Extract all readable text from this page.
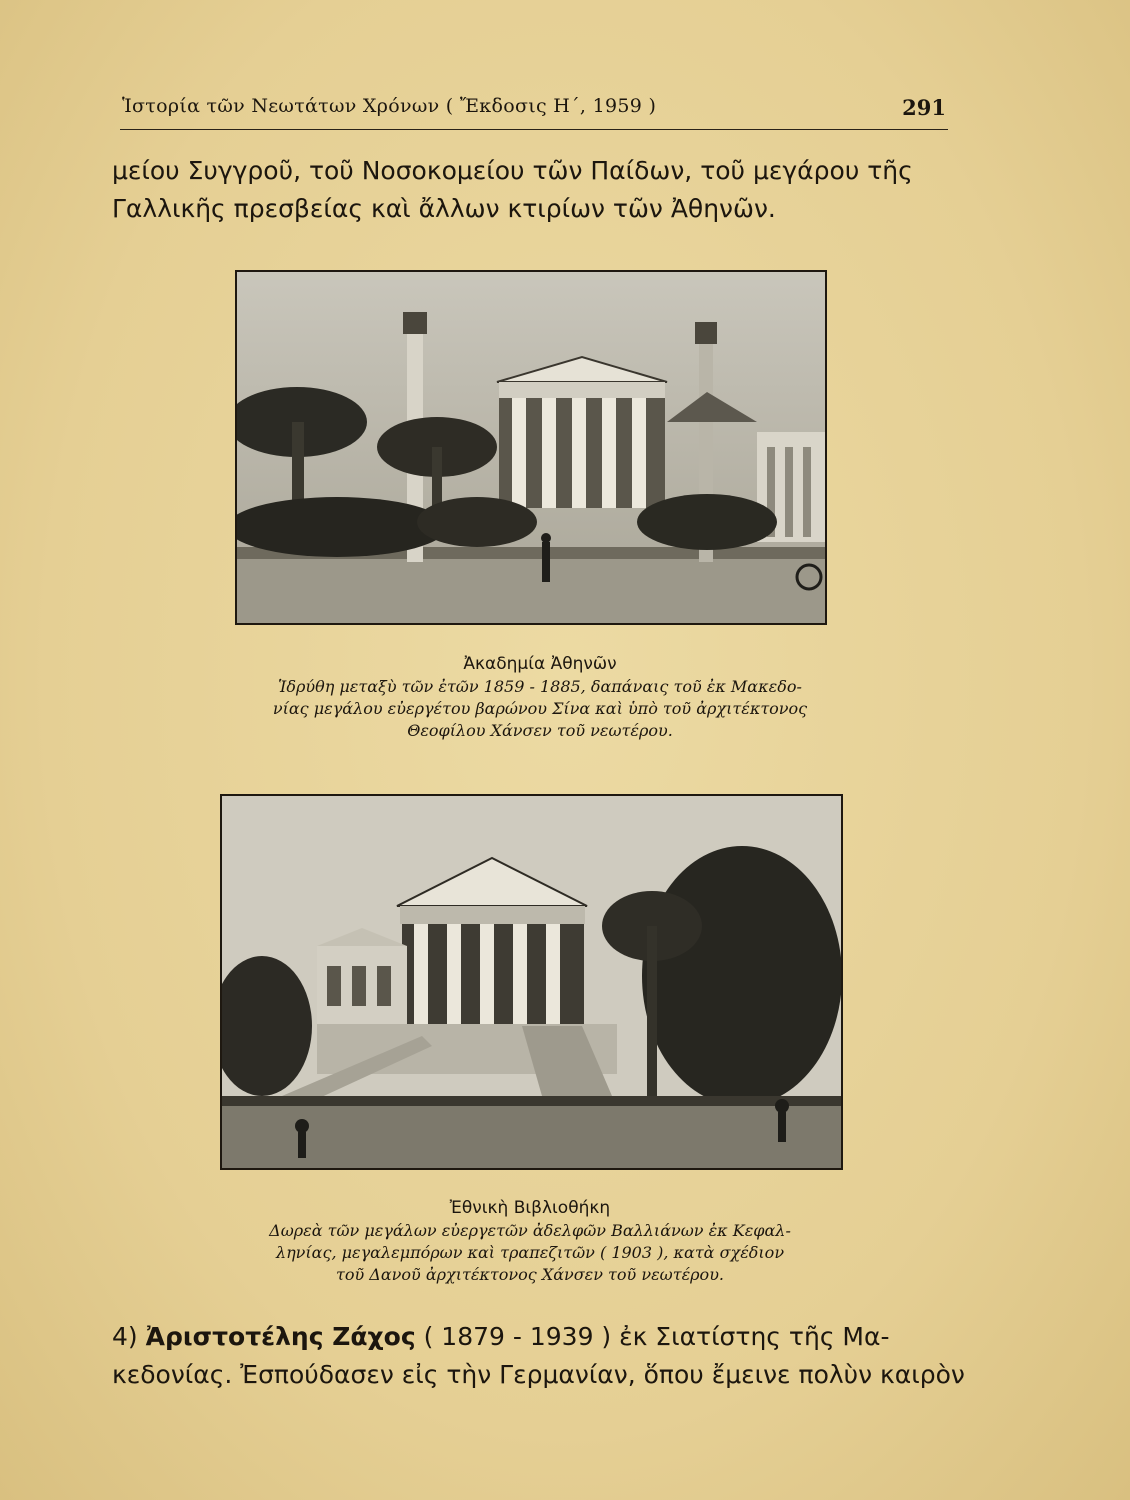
Ἱστορία τῶν Νεωτάτων Χρόνων ( Ἔκδοσις Η΄, 1959 )	291
μείου Συγγροῦ, τοῦ Νοσοκομείου τῶν Παίδων, τοῦ μεγάρου τῆς
Γαλλικῆς πρεσβείας καὶ ἄλλων κτιρίων τῶν Ἀθηνῶν.
Ἀκαδημία Ἀθηνῶν
Ἱδρύθη μεταξὺ τῶν ἐτῶν 1859 - 1885, δαπάναις τοῦ ἐκ Μακεδο-
νίας μεγάλου εὐεργέτου βαρώνου Σίνα καὶ ὑπὸ τοῦ ἀρχιτέκτονος
Θεοφίλου Χάνσεν τοῦ νεωτέρου.
Ἐθνικὴ Βιβλιοθήκη
Δωρεὰ τῶν μεγάλων εὐεργετῶν ἀδελφῶν Βαλλιάνων ἐκ Κεφαλ-
ληνίας, μεγαλεμπόρων καὶ τραπεζιτῶν ( 1903 ), κατὰ σχέδιον
τοῦ Δανοῦ ἀρχιτέκτονος Χάνσεν τοῦ νεωτέρου.
4) Ἀριστοτέλης Ζάχος ( 1879 - 1939 ) ἐκ Σιατίστης τῆς Μα-
κεδονίας. Ἐσπούδασεν εἰς τὴν Γερμανίαν, ὅπου ἔμεινε πολὺν καιρὸν
